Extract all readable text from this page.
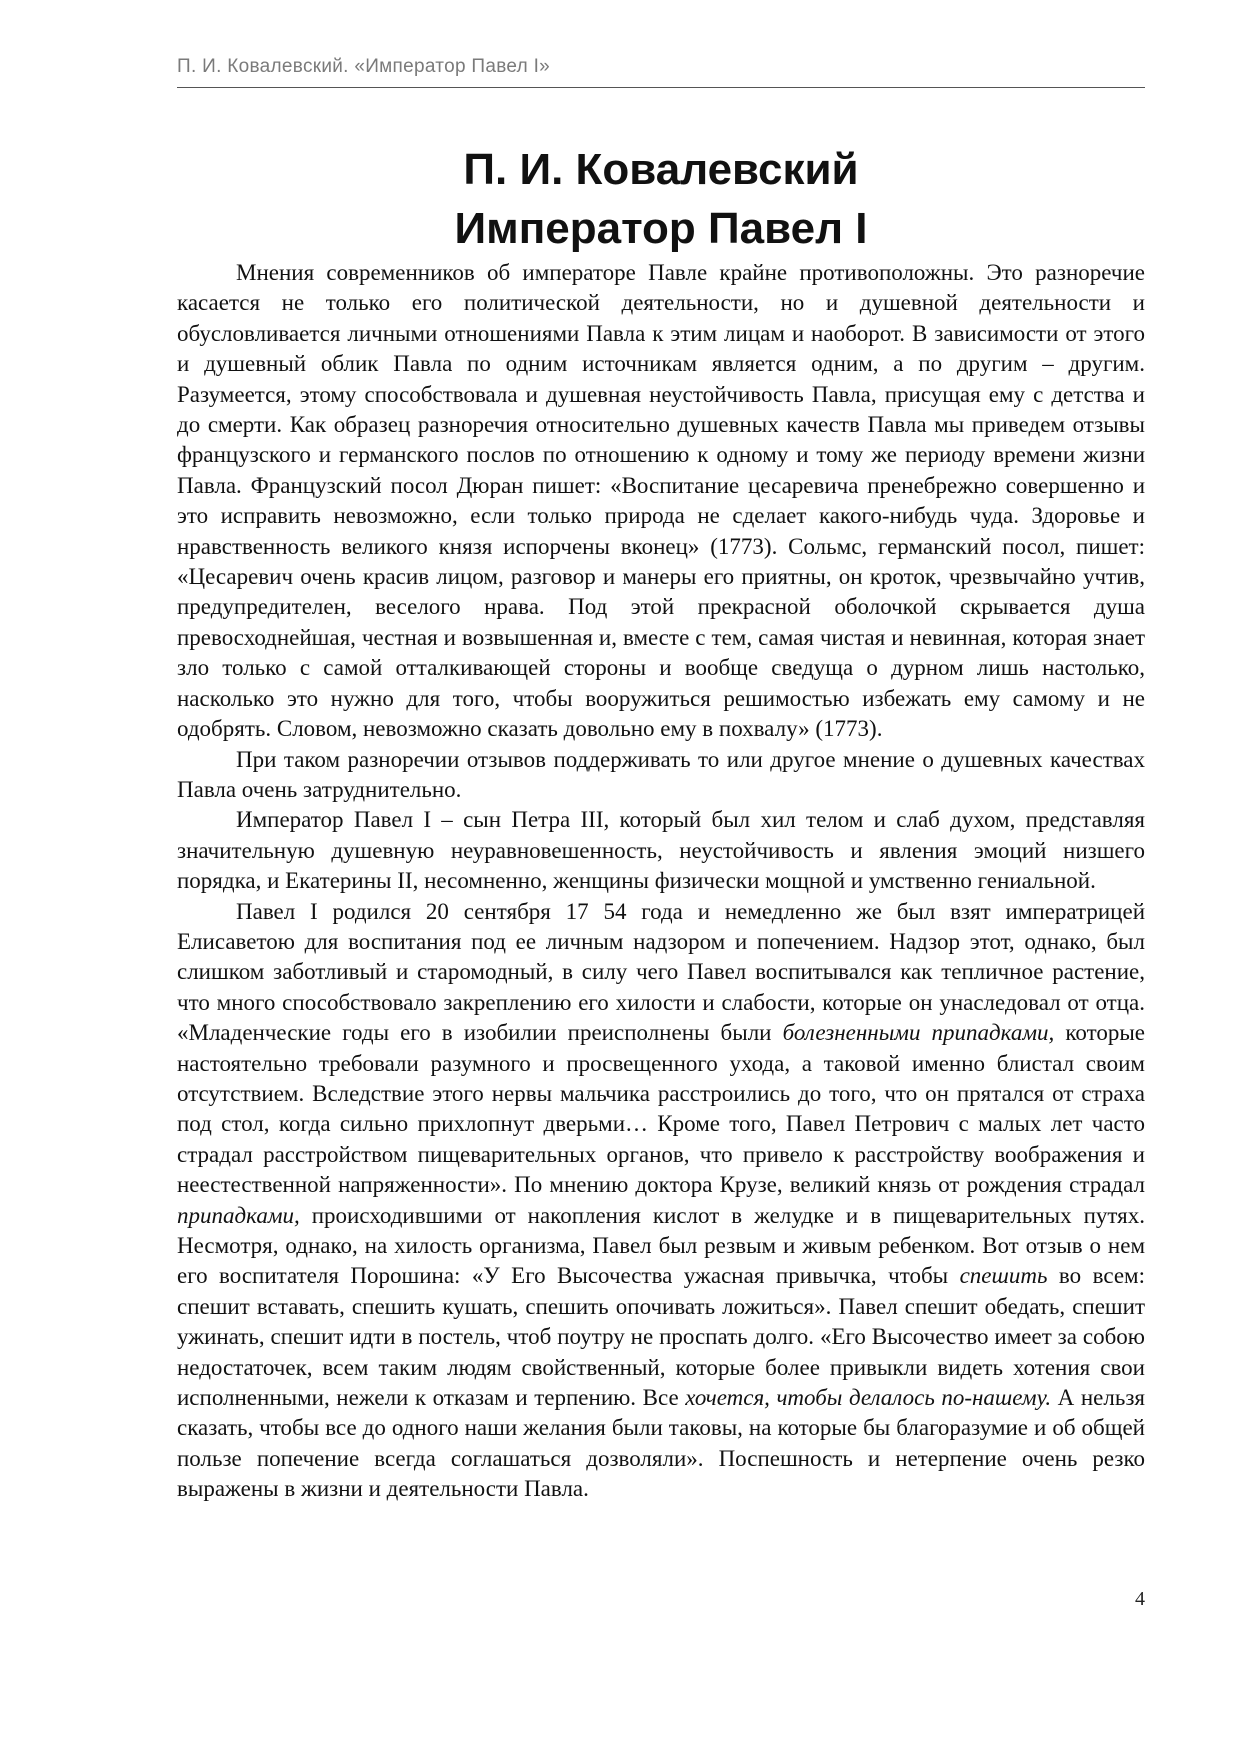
П. И. Ковалевский. «Император Павел I»
П. И. Ковалевский
Император Павел I

Мнения современников об императоре Павле крайне противоположны. Это разноречие касается не только его политической деятельности, но и душевной деятельности и обусловливается личными отношениями Павла к этим лицам и наоборот. В зависимости от этого и душевный облик Павла по одним источникам является одним, а по другим – другим. Разумеется, этому способствовала и душевная неустойчивость Павла, присущая ему с детства и до смерти. Как образец разноречия относительно душевных качеств Павла мы приведем отзывы французского и германского послов по отношению к одному и тому же периоду времени жизни Павла. Французский посол Дюран пишет: «Воспитание цесаревича пренебрежно совершенно и это исправить невозможно, если только природа не сделает какого-нибудь чуда. Здоровье и нравственность великого князя испорчены вконец» (1773). Сольмс, германский посол, пишет: «Цесаревич очень красив лицом, разговор и манеры его приятны, он кроток, чрезвычайно учтив, предупредителен, веселого нрава. Под этой прекрасной оболочкой скрывается душа превосходнейшая, честная и возвышенная и, вместе с тем, самая чистая и невинная, которая знает зло только с самой отталкивающей стороны и вообще сведуща о дурном лишь настолько, насколько это нужно для того, чтобы вооружиться решимостью избежать ему самому и не одобрять. Словом, невозможно сказать довольно ему в похвалу» (1773).

При таком разноречии отзывов поддерживать то или другое мнение о душевных качествах Павла очень затруднительно.

Император Павел I – сын Петра III, который был хил телом и слаб духом, представляя значительную душевную неуравновешенность, неустойчивость и явления эмоций низшего порядка, и Екатерины II, несомненно, женщины физически мощной и умственно гениальной.

Павел I родился 20 сентября 17 54 года и немедленно же был взят императрицей Елисаветою для воспитания под ее личным надзором и попечением. Надзор этот, однако, был слишком заботливый и старомодный, в силу чего Павел воспитывался как тепличное растение, что много способствовало закреплению его хилости и слабости, которые он унаследовал от отца. «Младенческие годы его в изобилии преисполнены были болезненными припадками, которые настоятельно требовали разумного и просвещенного ухода, а таковой именно блистал своим отсутствием. Вследствие этого нервы мальчика расстроились до того, что он прятался от страха под стол, когда сильно прихлопнут дверьми… Кроме того, Павел Петрович с малых лет часто страдал расстройством пищеварительных органов, что привело к расстройству воображения и неестественной напряженности». По мнению доктора Крузе, великий князь от рождения страдал припадками, происходившими от накопления кислот в желудке и в пищеварительных путях. Несмотря, однако, на хилость организма, Павел был резвым и живым ребенком. Вот отзыв о нем его воспитателя Порошина: «У Его Высочества ужасная привычка, чтобы спешить во всем: спешит вставать, спешить кушать, спешить опочивать ложиться». Павел спешит обедать, спешит ужинать, спешит идти в постель, чтоб поутру не проспать долго. «Его Высочество имеет за собою недостаточек, всем таким людям свойственный, которые более привыкли видеть хотения свои исполненными, нежели к отказам и терпению. Все хочется, чтобы делалось по-нашему. А нельзя сказать, чтобы все до одного наши желания были таковы, на которые бы благоразумие и об общей пользе попечение всегда соглашаться дозволяли». Поспешность и нетерпение очень резко выражены в жизни и деятельности Павла.

4
